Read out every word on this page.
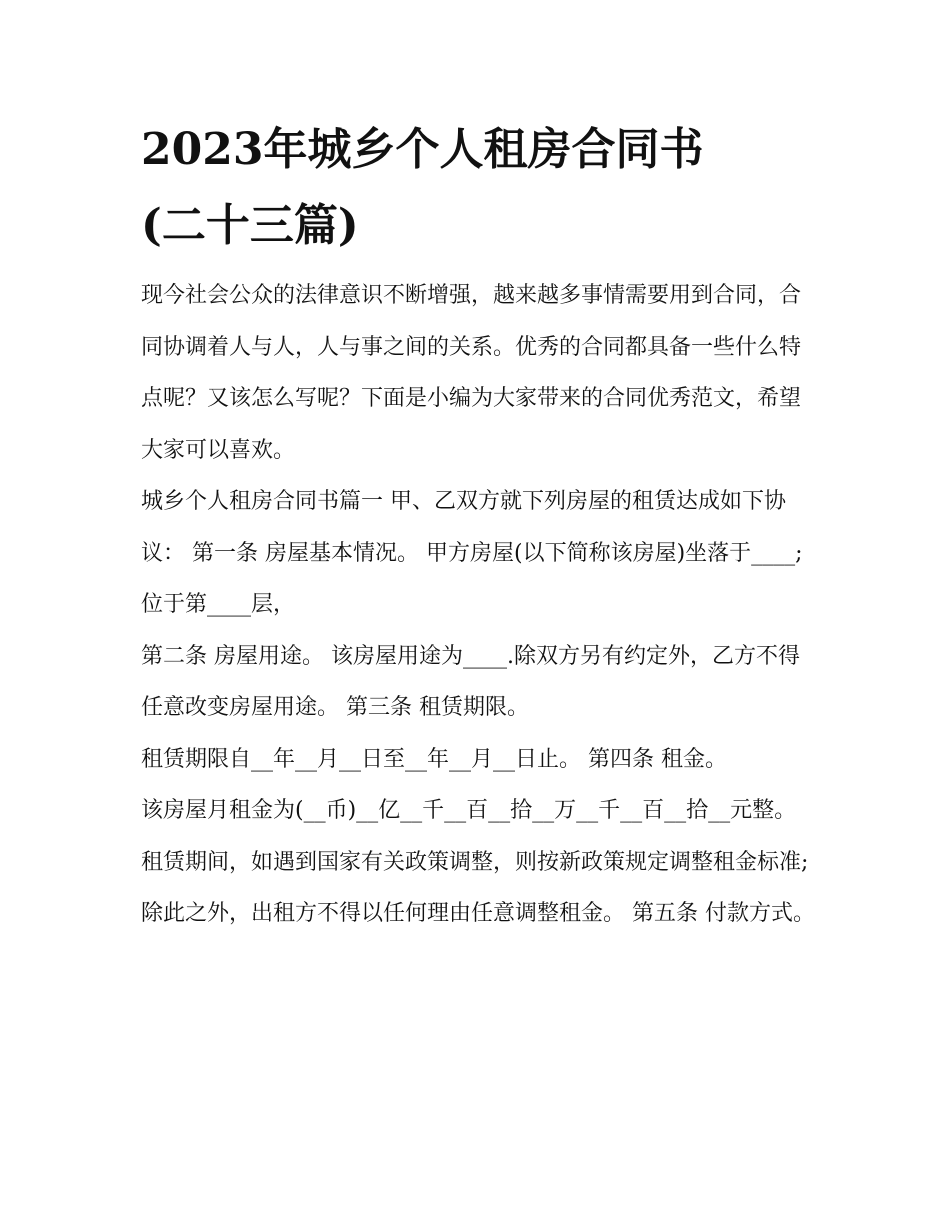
2023年城乡个人租房合同书
(二十三篇)

现今社会公众的法律意识不断增强，越来越多事情需要用到合同，合同协调着人与人，人与事之间的关系。优秀的合同都具备一些什么特点呢？又该怎么写呢？下面是小编为大家带来的合同优秀范文，希望大家可以喜欢。

城乡个人租房合同书篇一 甲、乙双方就下列房屋的租赁达成如下协议： 第一条 房屋基本情况。 甲方房屋(以下简称该房屋)坐落于____;位于第____层，

第二条 房屋用途。 该房屋用途为____.除双方另有约定外，乙方不得任意改变房屋用途。 第三条 租赁期限。

租赁期限自__年__月__日至__年__月__日止。 第四条 租金。

该房屋月租金为(__币)__亿__千__百__拾__万__千__百__拾__元整。

租赁期间，如遇到国家有关政策调整，则按新政策规定调整租金标准;除此之外，出租方不得以任何理由任意调整租金。 第五条 付款方式。
